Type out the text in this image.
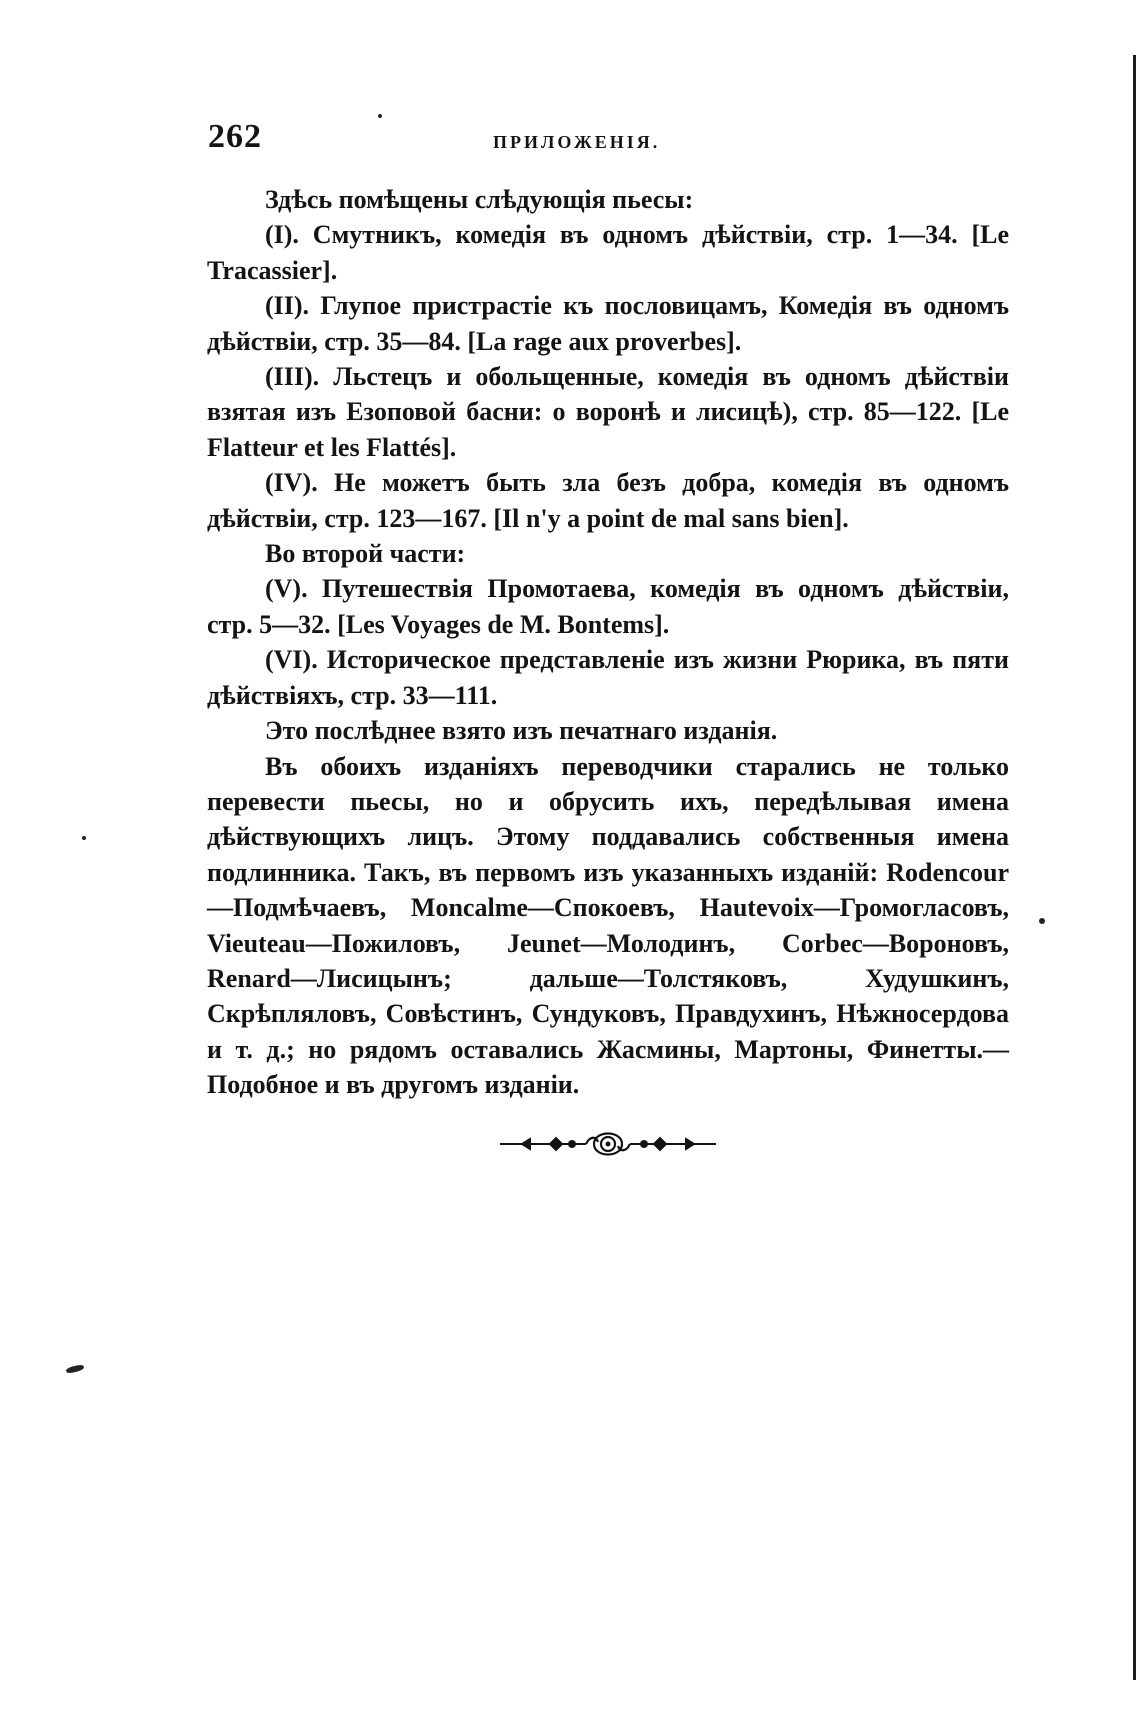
262	ПРИЛОЖЕНІЯ.

Здѣсь помѣщены слѣдующія пьесы:

(I). Смутникъ, комедія въ одномъ дѣйствіи, стр. 1—34. [Le Tracassier].

(II). Глупое пристрастіе къ пословицамъ, Комедія въ одномъ дѣйствіи, стр. 35—84. [La rage aux proverbes].

(III). Льстецъ и обольщенные, комедія въ одномъ дѣйствіи взятая изъ Езоповой басни: о воронѣ и лисицѣ), стр. 85—122. [Le Flatteur et les Flattés].

(IV). Не можетъ быть зла безъ добра, комедія въ одномъ дѣйствіи, стр. 123—167. [Il n'y a point de mal sans bien].

Во второй части:

(V). Путешествія Промотаева, комедія въ одномъ дѣйствіи, стр. 5—32. [Les Voyages de M. Bontems].

(VI). Историческое представленіе изъ жизни Рюрика, въ пяти дѣйствіяхъ, стр. 33—111.

Это послѣднее взято изъ печатнаго изданія.

Въ обоихъ изданіяхъ переводчики старались не только перевести пьесы, но и обрусить ихъ, передѣлывая имена дѣйствующихъ лицъ. Этому поддавались собственныя имена подлинника. Такъ, въ первомъ изъ указанныхъ изданій: Rodencour—Подмѣчаевъ, Moncalme—Спокоевъ, Hautevoix—Громогласовъ, Vieuteau—Пожиловъ, Jeunet—Молодинъ, Corbec—Вороновъ, Renard—Лисицынъ; дальше—Толстяковъ, Худушкинъ, Скрѣпляловъ, Совѣстинъ, Сундуковъ, Правдухинъ, Нѣжносердова и т. д.; но рядомъ оставались Жасмины, Мартоны, Финетты.—Подобное и въ другомъ изданіи.
